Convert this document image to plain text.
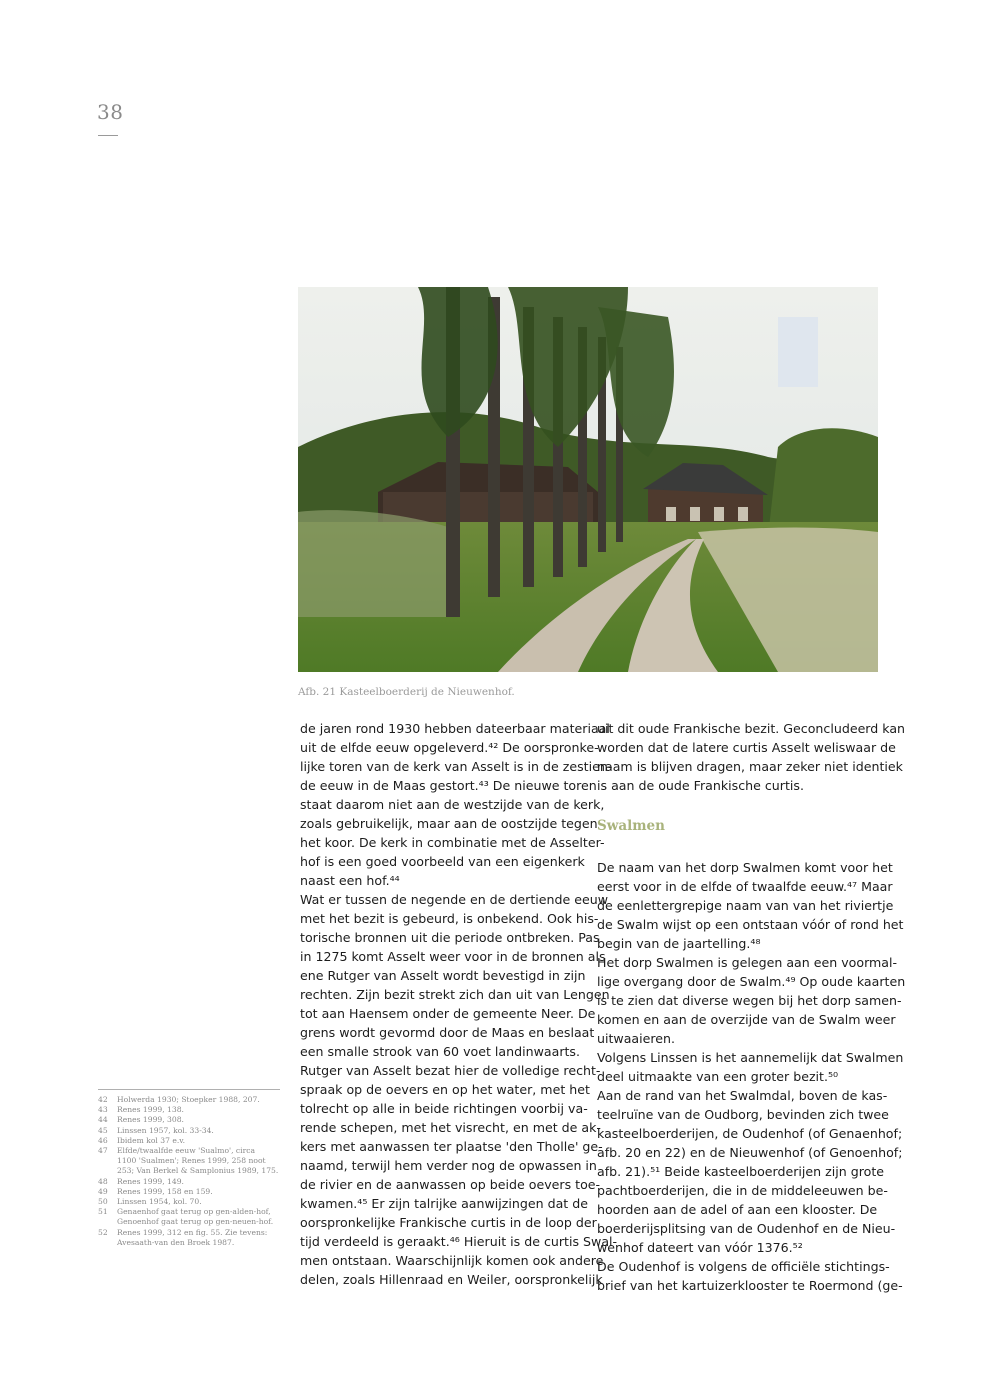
38
Afb. 21 Kasteelboerderij de Nieuwenhof.

de jaren rond 1930 hebben dateerbaar materiaal

uit de elfde eeuw opgeleverd.⁴² De oorspronke-

lijke toren van de kerk van Asselt is in de zestien-

de eeuw in de Maas gestort.⁴³ De nieuwe toren

staat daarom niet aan de westzijde van de kerk,

zoals gebruikelijk, maar aan de oostzijde tegen

het koor. De kerk in combinatie met de Asselter-

hof is een goed voorbeeld van een eigenkerk

naast een hof.⁴⁴

Wat er tussen de negende en de dertiende eeuw

met het bezit is gebeurd, is onbekend. Ook his-

torische bronnen uit die periode ontbreken. Pas

in 1275 komt Asselt weer voor in de bronnen als

ene Rutger van Asselt wordt bevestigd in zijn

rechten. Zijn bezit strekt zich dan uit van Lengen

tot aan Haensem onder de gemeente Neer. De

grens wordt gevormd door de Maas en beslaat

een smalle strook van 60 voet landinwaarts.

Rutger van Asselt bezat hier de volledige recht-

spraak op de oevers en op het water, met het

tolrecht op alle in beide richtingen voorbij va-

rende schepen, met het visrecht, en met de ak-

kers met aanwassen ter plaatse 'den Tholle' ge-

naamd, terwijl hem verder nog de opwassen in

de rivier en de aanwassen op beide oevers toe-

kwamen.⁴⁵ Er zijn talrijke aanwijzingen dat de

oorspronkelijke Frankische curtis in de loop der

tijd verdeeld is geraakt.⁴⁶ Hieruit is de curtis Swal-

men ontstaan. Waarschijnlijk komen ook andere

delen, zoals Hillenraad en Weiler, oorspronkelijk

uit dit oude Frankische bezit. Geconcludeerd kan

worden dat de latere curtis Asselt weliswaar de

naam is blijven dragen, maar zeker niet identiek

is aan de oude Frankische curtis.

Swalmen

De naam van het dorp Swalmen komt voor het

eerst voor in de elfde of twaalfde eeuw.⁴⁷ Maar

de eenlettergrepige naam van van het riviertje

de Swalm wijst op een ontstaan vóór of rond het

begin van de jaartelling.⁴⁸

Het dorp Swalmen is gelegen aan een voormal-

lige overgang door de Swalm.⁴⁹ Op oude kaarten

is te zien dat diverse wegen bij het dorp samen-

komen en aan de overzijde van de Swalm weer

uitwaaieren.

Volgens Linssen is het aannemelijk dat Swalmen

deel uitmaakte van een groter bezit.⁵⁰

Aan de rand van het Swalmdal, boven de kas-

teelruïne van de Oudborg, bevinden zich twee

kasteelboerderijen, de Oudenhof (of Genaenhof;

afb. 20 en 22) en de Nieuwenhof (of Genoenhof;

afb. 21).⁵¹ Beide kasteelboerderijen zijn grote

pachtboerderijen, die in de middeleeuwen be-

hoorden aan de adel of aan een klooster. De

boerderijsplitsing van de Oudenhof en de Nieu-

wenhof dateert van vóór 1376.⁵²

De Oudenhof is volgens de officiële stichtings-

brief van het kartuizerklooster te Roermond (ge-

42	Holwerda 1930; Stoepker 1988, 207.
43	Renes 1999, 138.
44	Renes 1999, 308.
45	Linssen 1957, kol. 33-34.
46	Ibidem kol 37 e.v.
47	Elfde/twaalfde eeuw 'Sualmo', circa
1100 'Sualmen'; Renes 1999, 258 noot
253; Van Berkel & Samplonius 1989, 175.
48	Renes 1999, 149.
49	Renes 1999, 158 en 159.
50	Linssen 1954, kol. 70.
51	Genaenhof gaat terug op gen-alden-hof,
Genoenhof gaat terug op gen-neuen-hof.
52	Renes 1999, 312 en fig. 55. Zie tevens:
Avesaath-van den Broek 1987.
